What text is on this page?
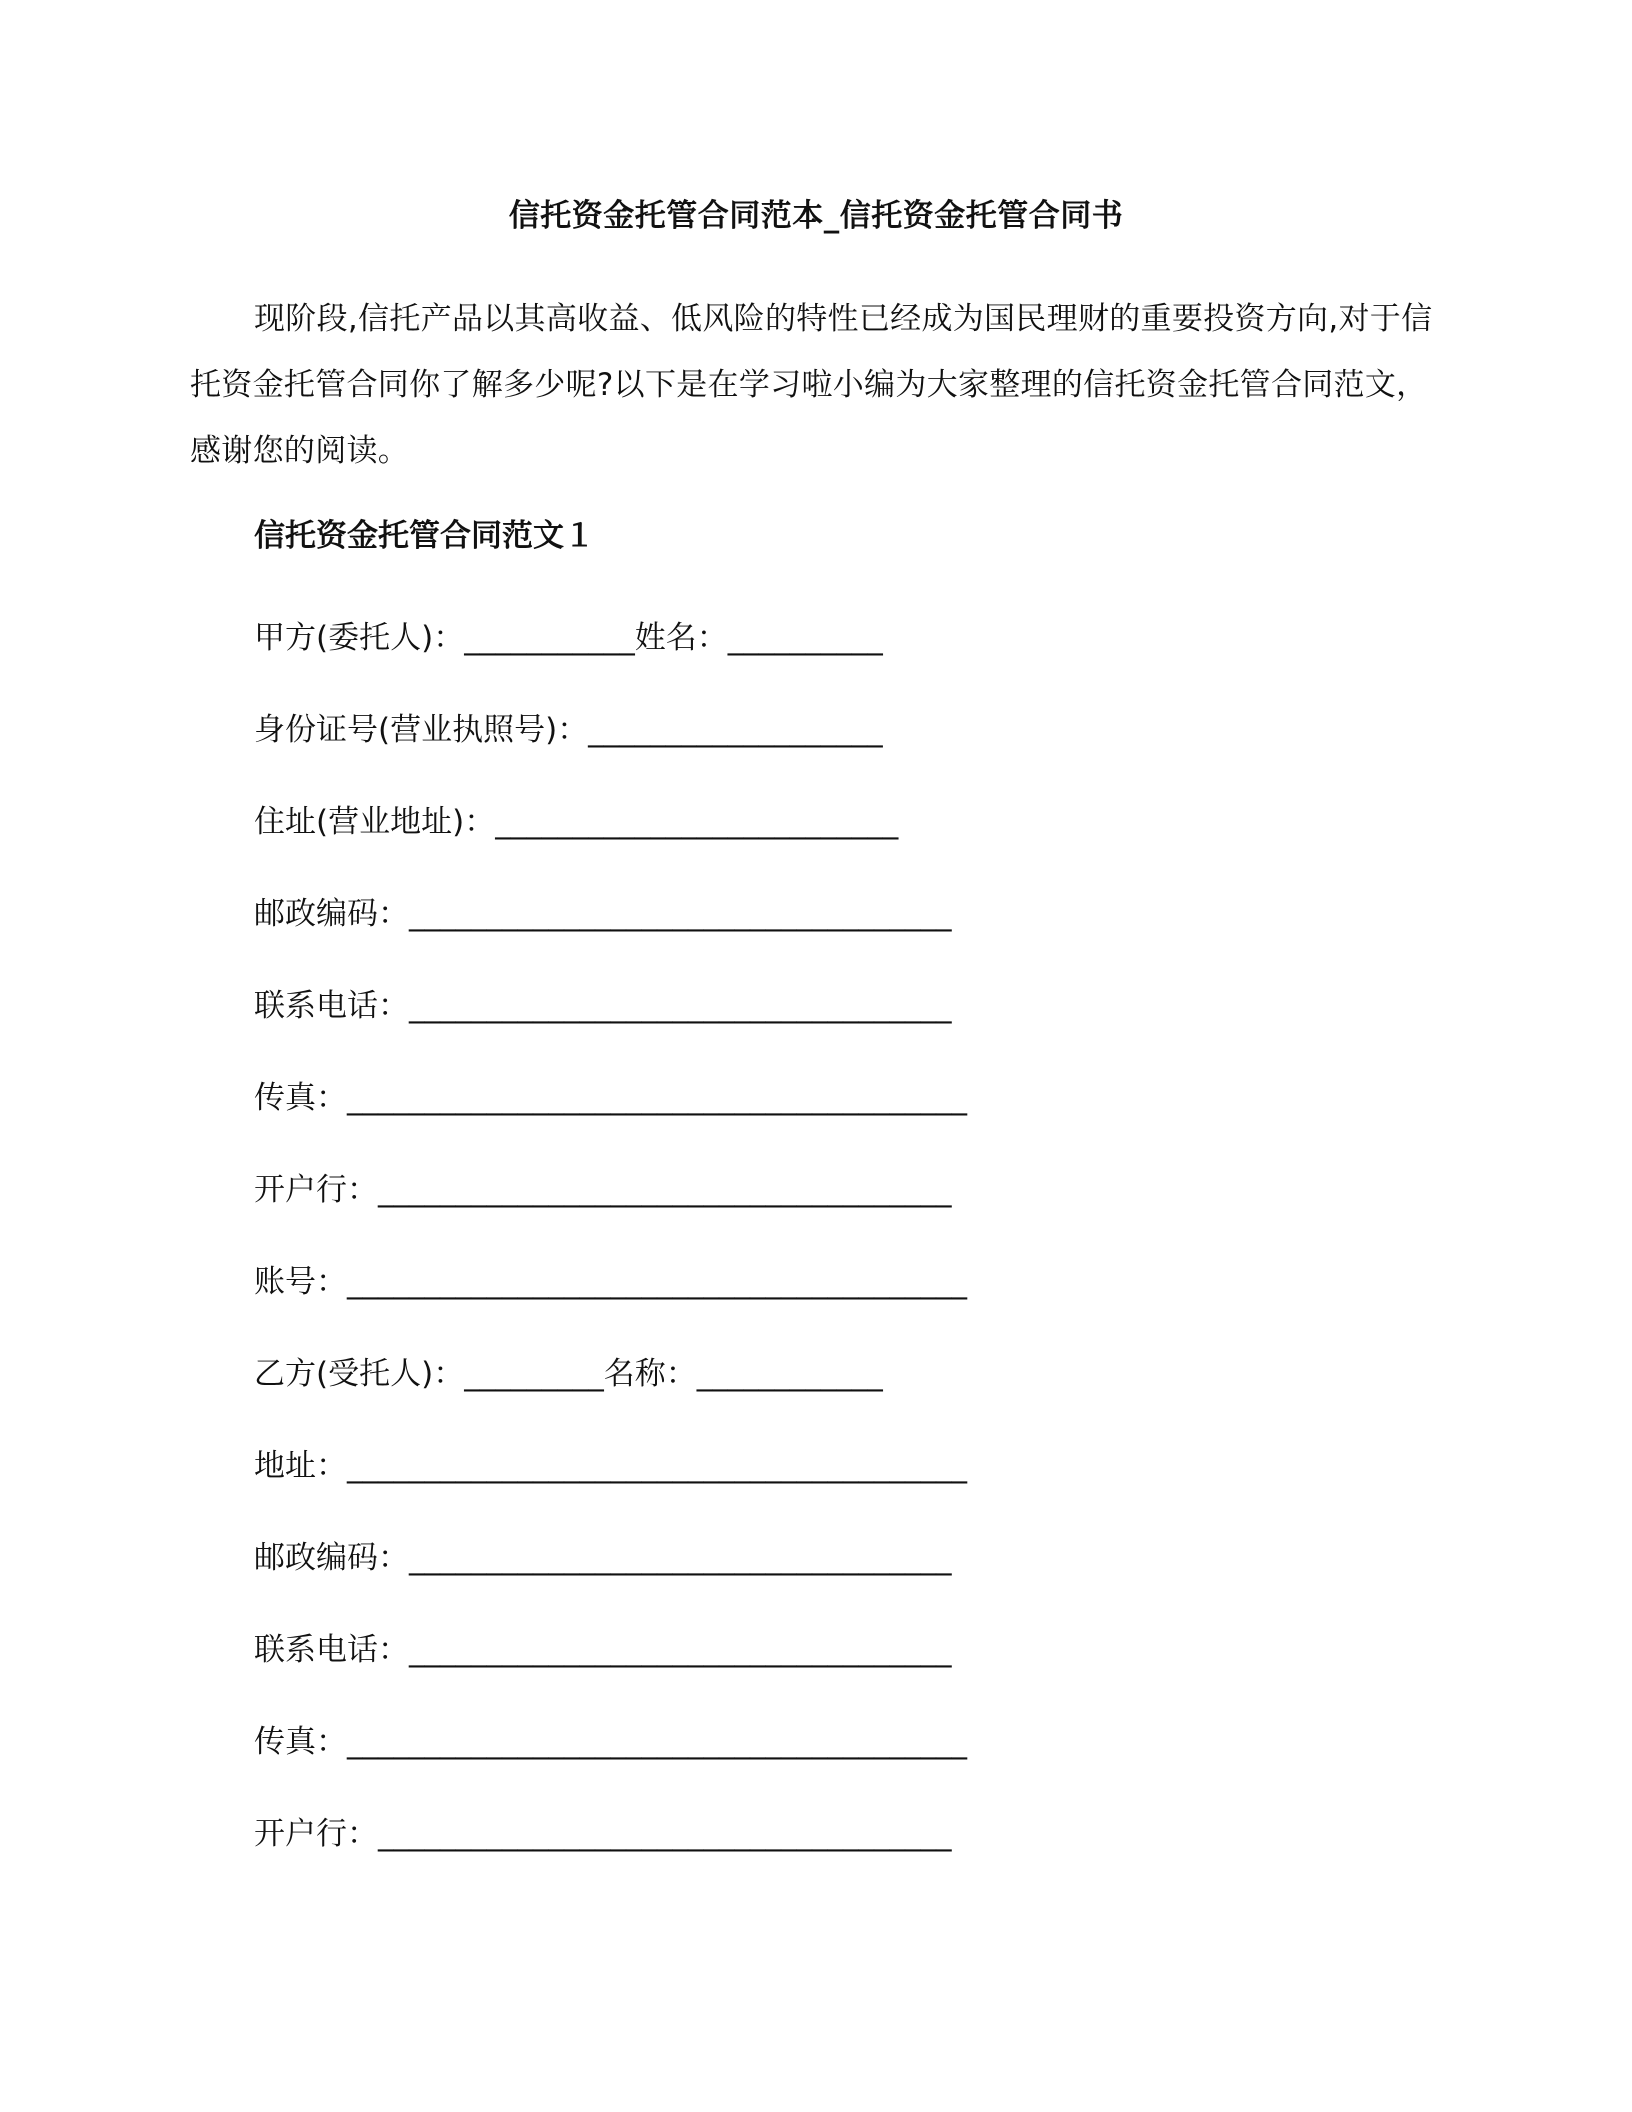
信托资金托管合同范本_信托资金托管合同书
现阶段,信托产品以其高收益、低风险的特性已经成为国民理财的重要投资方向,对于信托资金托管合同你了解多少呢?以下是在学习啦小编为大家整理的信托资金托管合同范文，感谢您的阅读。
信托资金托管合同范文１
甲方(委托人)：___________姓名：__________
身份证号(营业执照号)：___________________
住址(营业地址)：__________________________
邮政编码：___________________________________
联系电话：___________________________________
传真：________________________________________
开户行：_____________________________________
账号：________________________________________
乙方(受托人)：_________名称：____________
地址：________________________________________
邮政编码：___________________________________
联系电话：___________________________________
传真：________________________________________
开户行：_____________________________________
